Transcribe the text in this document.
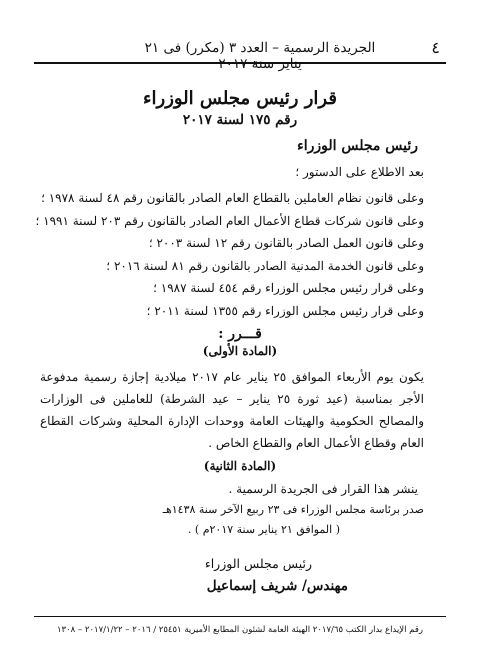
٤
الجريدة الرسمية – العدد ٣ (مكرر) فى ٢١ يناير سنة ٢٠١٧
قرار رئيس مجلس الوزراء
رقم ١٧٥ لسنة ٢٠١٧
رئيس مجلس الوزراء
بعد الاطلاع على الدستور ؛
وعلى قانون نظام العاملين بالقطاع العام الصادر بالقانون رقم ٤٨ لسنة ١٩٧٨ ؛
وعلى قانون شركات قطاع الأعمال العام الصادر بالقانون رقم ٢٠٣ لسنة ١٩٩١ ؛
وعلى قانون العمل الصادر بالقانون رقم ١٢ لسنة ٢٠٠٣ ؛
وعلى قانون الخدمة المدنية الصادر بالقانون رقم ٨١ لسنة ٢٠١٦ ؛
وعلى قرار رئيس مجلس الوزراء رقم ٤٥٤ لسنة ١٩٨٧ ؛
وعلى قرار رئيس مجلس الوزراء رقم ١٣٥٥ لسنة ٢٠١١ ؛
قـــرر :
(المادة الأولى)

يكون يوم الأربعاء الموافق ٢٥ يناير عام ٢٠١٧ ميلادية إجازة رسمية مدفوعة الأجر بمناسبة (عيد ثورة ٢٥ يناير – عيد الشرطة) للعاملين فى الوزارات والمصالح الحكومية والهيئات العامة ووحدات الإدارة المحلية وشركات القطاع العام وقطاع الأعمال العام والقطاع الخاص .

(المادة الثانية)
ينشر هذا القرار فى الجريدة الرسمية .
صدر برئاسة مجلس الوزراء فى ٢٣ ربيع الآخر سنة ١٤٣٨هـ
( الموافق ٢١ يناير سنة ٢٠١٧م ) .
رئيس مجلس الوزراء
مهندس/ شريف إسماعيل
رقم الإيداع بدار الكتب ٢٠١٧/٦٥ الهيئة العامة لشئون المطابع الأميرية ٢٥٤٥١ / ٢٠١٦ – ٢٠١٧/١/٢٢ – ١٣٠٨
